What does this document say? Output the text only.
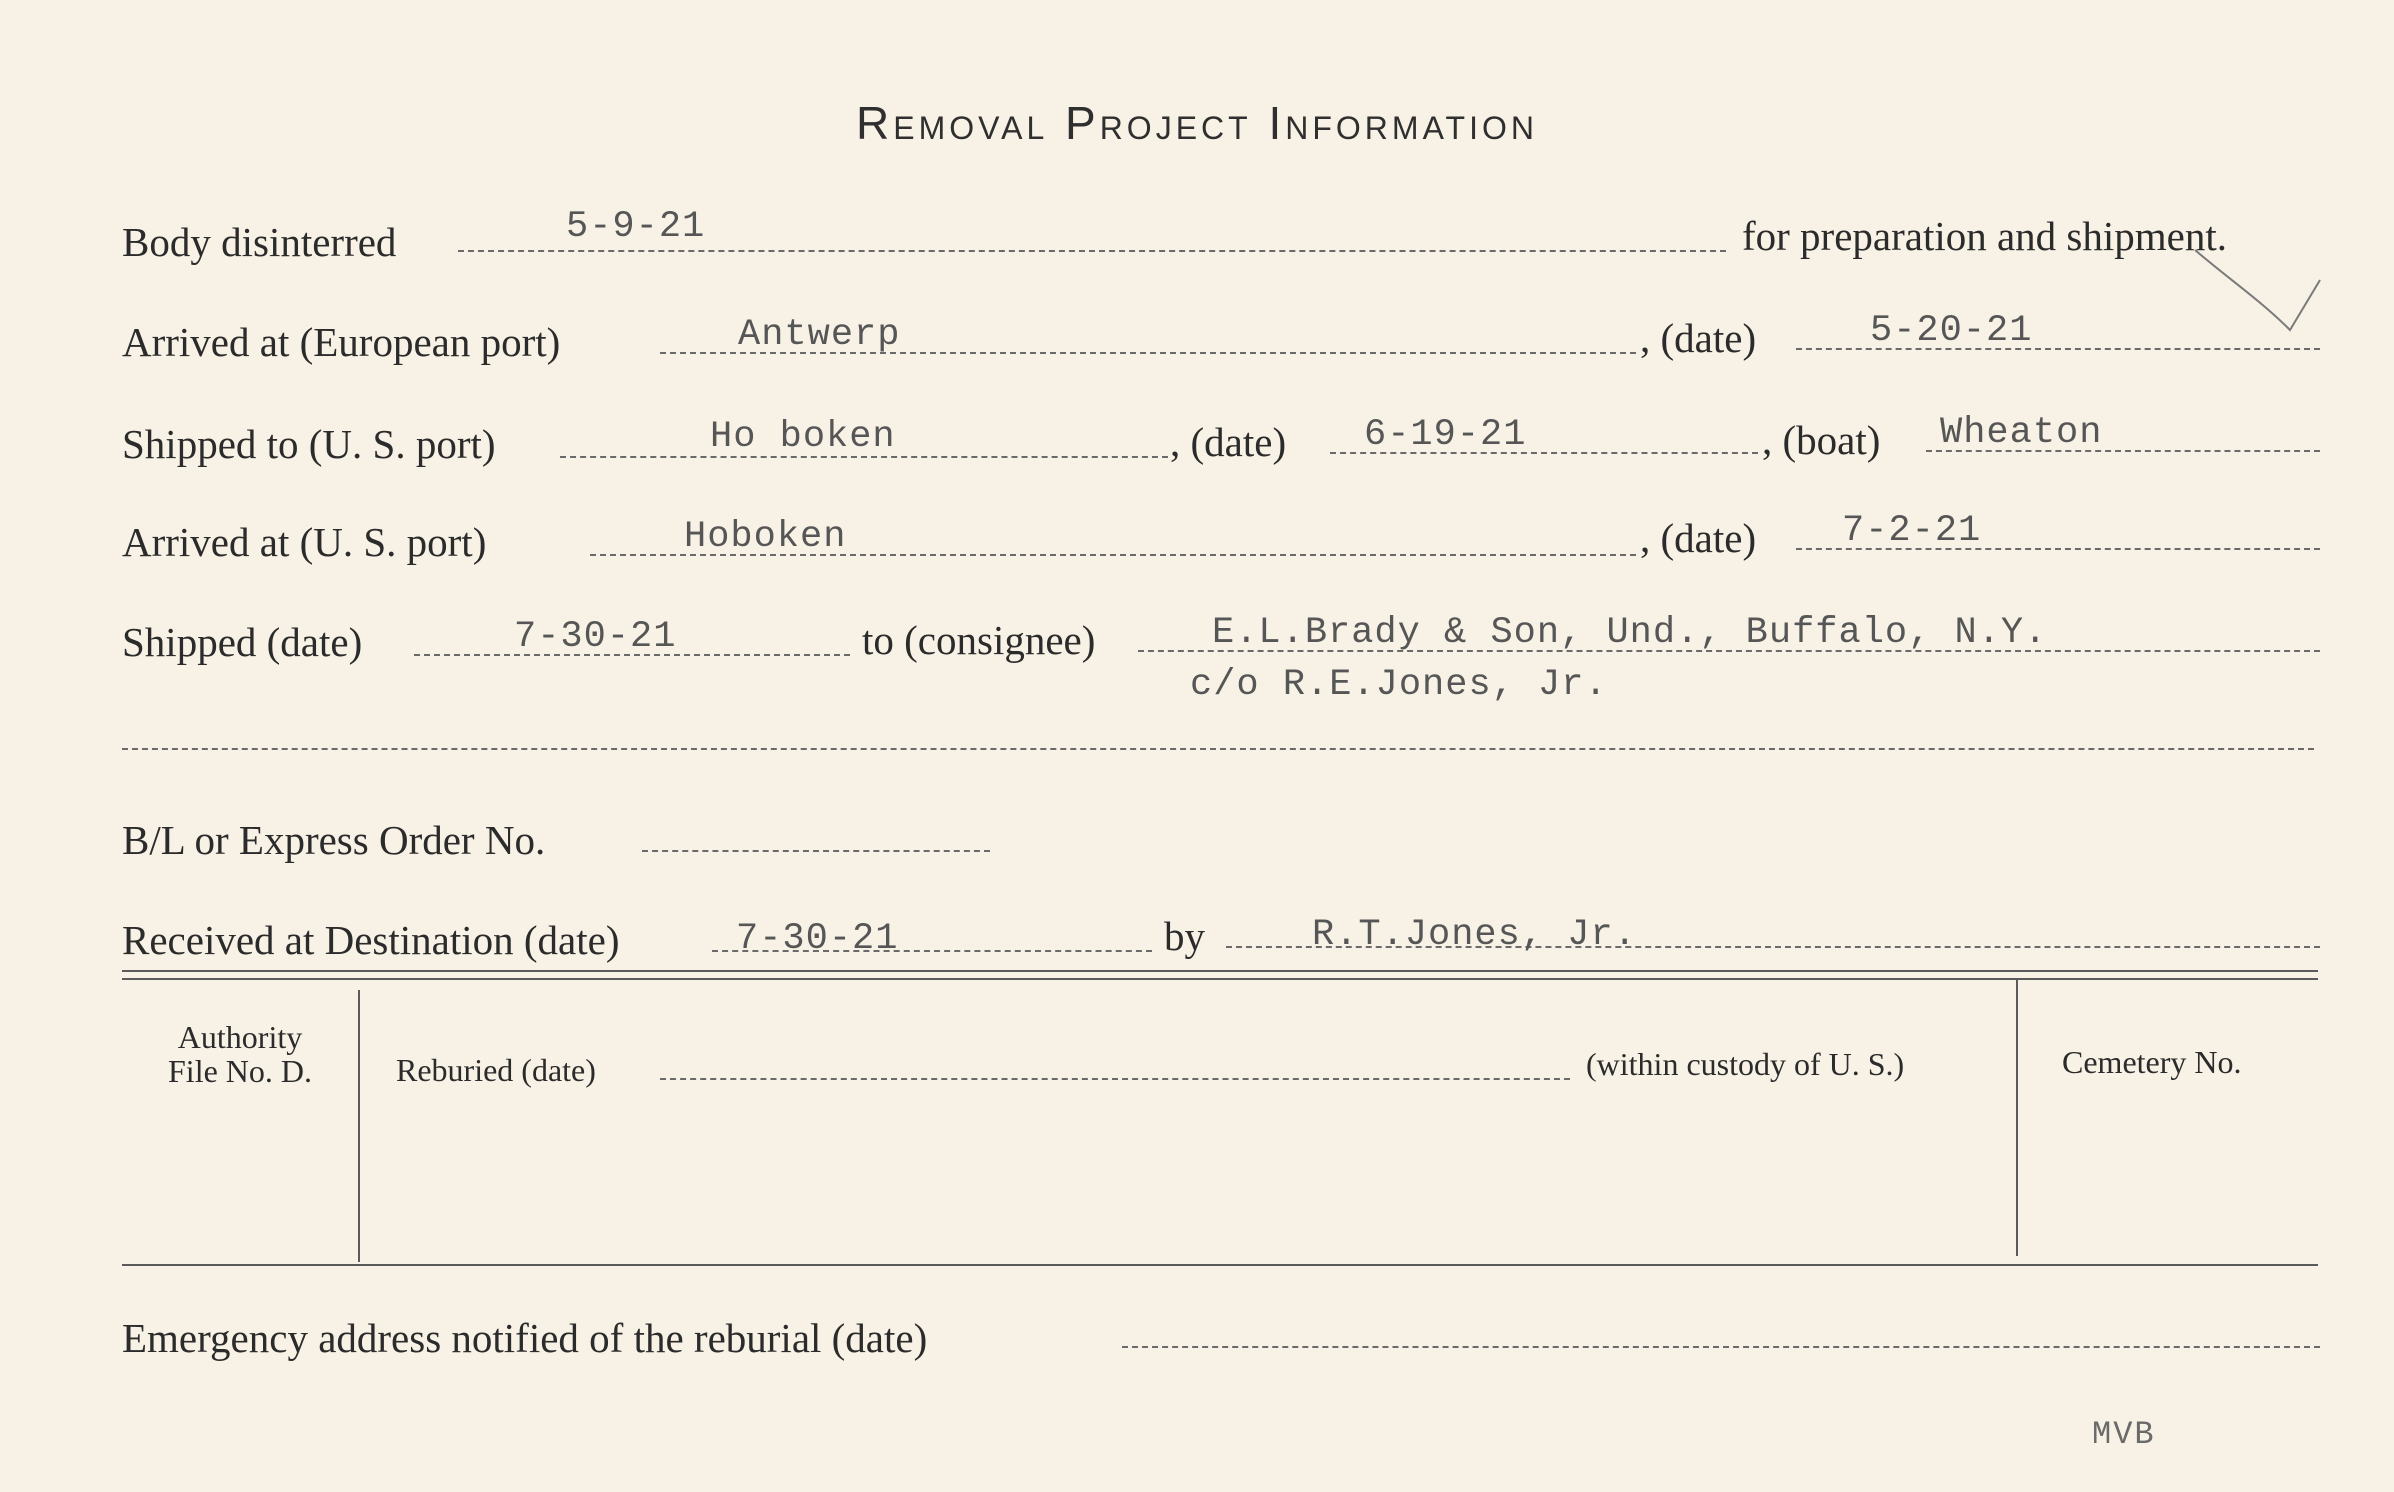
Removal Project Information
Body disinterred	5-9-21	for preparation and shipment.
Arrived at (European port)	Antwerp	, (date)	5-20-21
Shipped to (U. S. port)	Ho boken	, (date) 6-19-21	, (boat) Wheaton
Arrived at (U. S. port)	Hoboken	, (date) 7-2-21
Shipped (date)	7-30-21	to (consignee)	E.L.Brady & Son, Und., Buffalo, N.Y.
c/o R.E.Jones, Jr.
B/L or Express Order No.
Received at Destination (date)	7-30-21	by	R.T.Jones, Jr.
Authority
File No. D.	Reburied (date)	(within custody of U. S.)	Cemetery No.
Emergency address notified of the reburial (date)
MVB
